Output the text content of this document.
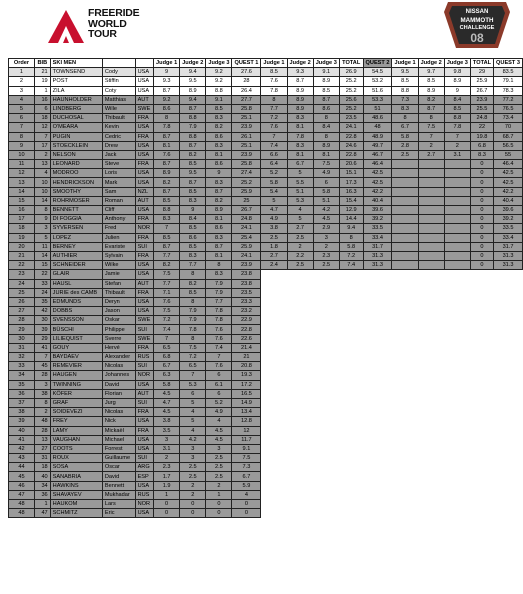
FREERIDE
WORLD
TOUR
NISSAN
MAMMOTH
CHALLENGE
08
Order	BIB	SKI MEN			Judge 1	Judge 2	Judge 3	QUEST 1	Judge 1	Judge 2	Judge 3	TOTAL	QUEST 2	Judge 1	Judge 2	Judge 3	TOTAL	QUEST 3
1	21	TOWNSEND	Cody	USA	9	9.4	9.2	27.6	8.5	9.3	9.1	26.9	54.5	9.5	9.7	9.8	29	83.5
2	19	POST	Stiffin	USA	9.3	9.5	9.2	28	7.6	8.7	8.9	25.2	53.2	8.5	8.5	8.9	25.9	79.1
3	1	ZILA	Coty	USA	8.7	8.9	8.8	26.4	7.8	8.9	8.5	25.2	51.6	8.8	8.9	9	26.7	78.3
4	16	HAUNHOLDER	Matthias	AUT	9.2	9.4	9.1	27.7	8	8.9	8.7	25.6	53.3	7.3	8.2	8.4	23.9	77.2
5	6	LINDBERG	Wille	SWE	8.6	8.7	8.5	25.8	7.7	8.9	8.6	25.2	51	8.3	8.7	8.5	25.5	76.5
6	18	DUCHOSAL	Thibault	FRA	8	8.8	8.3	25.1	7.2	8.3	8	23.5	48.6	8	8	8.8	24.8	73.4
7	12	O'MEARA	Kevin	USA	7.8	7.9	8.2	23.9	7.6	8.1	8.4	24.1	48	6.7	7.5	7.8	22	70
8	7	PUGIN	Cedric	FRA	8.7	8.8	8.6	26.1	7	7.8	8	22.8	48.9	5.8	7	7	19.8	68.7
9	17	STOECKLEIN	Drew	USA	8.1	8.7	8.3	25.1	7.4	8.3	8.9	24.6	49.7	2.8	2	2	6.8	56.5
10	2	NELSON	Jack	USA	7.6	8.2	8.1	23.9	6.6	8.1	8.1	22.8	46.7	2.5	2.7	3.1	8.3	55
11	13	LEONARD	Steve	FRA	8.7	8.5	8.6	25.8	6.4	6.7	7.5	20.6	46.4				0	46.4
12	4	MODROO	Loris	USA	8.9	9.5	9	27.4	5.2	5	4.9	15.1	42.5				0	42.5
13	10	HENDRICKSON	Mark	USA	8.2	8.7	8.3	25.2	5.8	5.5	6	17.3	42.5				0	42.5
14	10	SMOOTHY	Sam	NZL	8.7	8.5	8.7	25.9	5.4	5.1	5.8	16.3	42.2				0	42.2
15	14	ROHRMOSER	Roman	AUT	8.5	8.3	8.2	25	5	5.3	5.1	15.4	40.4				0	40.4
16	8	BENNETT	Cliff	USA	8.8	9	8.9	26.7	4.7	4	4.2	12.9	39.6				0	39.6
17	9	DI FOGGIA	Anthony	FRA	8.3	8.4	8.1	24.8	4.9	5	4.5	14.4	39.2				0	39.2
18	3	SYVERSEN	Fred	NOR	7	8.5	8.6	24.1	3.8	2.7	2.9	9.4	33.5				0	33.5
19	5	LOPEZ	Julien	FRA	8.5	8.6	8.3	25.4	2.5	2.5	3	8	33.4				0	33.4
20	11	BERNEY	Evariste	SUI	8.7	8.5	8.7	25.9	1.8	2	2	5.8	31.7				0	31.7
21	14	AUTHIER	Sylvain	FRA	7.7	8.3	8.1	24.1	2.7	2.2	2.3	7.2	31.3				0	31.3
22	15	SCHNEIDER	Wilke	USA	8.2	7.7	8	23.9	2.4	2.5	2.5	7.4	31.3				0	31.3
23	22	GLAIR	Jamie	USA	7.5	8	8.3	23.8										
24	33	HAUSL	Stefan	AUT	7.7	8.2	7.9	23.8										
25	24	JURIE des CAMB	Thibault	FRA	7.1	8.5	7.9	23.5										
26	35	EDMUNDS	Deryn	USA	7.6	8	7.7	23.3										
27	42	DOBBS	Jason	USA	7.5	7.9	7.8	23.2										
28	30	SVENSSON	Oskar	SWE	7.2	7.9	7.8	22.9										
29	39	BÜSCHI	Philippe	SUI	7.4	7.8	7.6	22.8										
30	29	LILIEQUIST	Sverre	SWE	7	8	7.6	22.6										
31	41	GOUY	Hervé	FRA	6.5	7.5	7.4	21.4										
32	7	BAYDAEV	Alexander	RUS	6.8	7.2	7	21										
33	45	REMEVIER	Nicolas	SUI	6.7	6.5	7.6	20.8										
34	28	HAUGEN	Johannes	NOR	6.3	7	6	19.3										
35	3	TWINNING	David	USA	5.8	5.3	6.1	17.2										
36	38	KÖFER	Florian	AUT	4.5	6	6	16.5										
37	8	GRAF	Jurg	SUI	4.7	5	5.2	14.9										
38	2	SOIDEVEZI	Nicolas	FRA	4.5	4	4.9	13.4										
39	48	FREY	Nick	USA	3.8	5	4	12.8										
40	28	LAMY	Mickaël	FRA	3.5	4	4.5	12										
41	13	VAUGHAN	Michael	USA	3	4.2	4.5	11.7										
42	27	COOTS	Forrest	USA	3.1	3	3	9.1										
43	31	ROUX	Guillaume	SUI	2	3	2.5	7.5										
44	18	SOSA	Oscar	ARG	2.3	2.5	2.5	7.3										
45	40	SANABRIA	David	ESP	1.7	2.5	2.5	6.7										
46	34	HAWKINS	Bennett	USA	1.9	2	2	5.9										
47	36	SHAVAYEV	Mukhadar	RUS	1	2	1	4										
48	1	HAUKOM	Lars	NOR	0	0	0	0										
48	47	SCHMITZ	Eric	USA	0	0	0	0										
